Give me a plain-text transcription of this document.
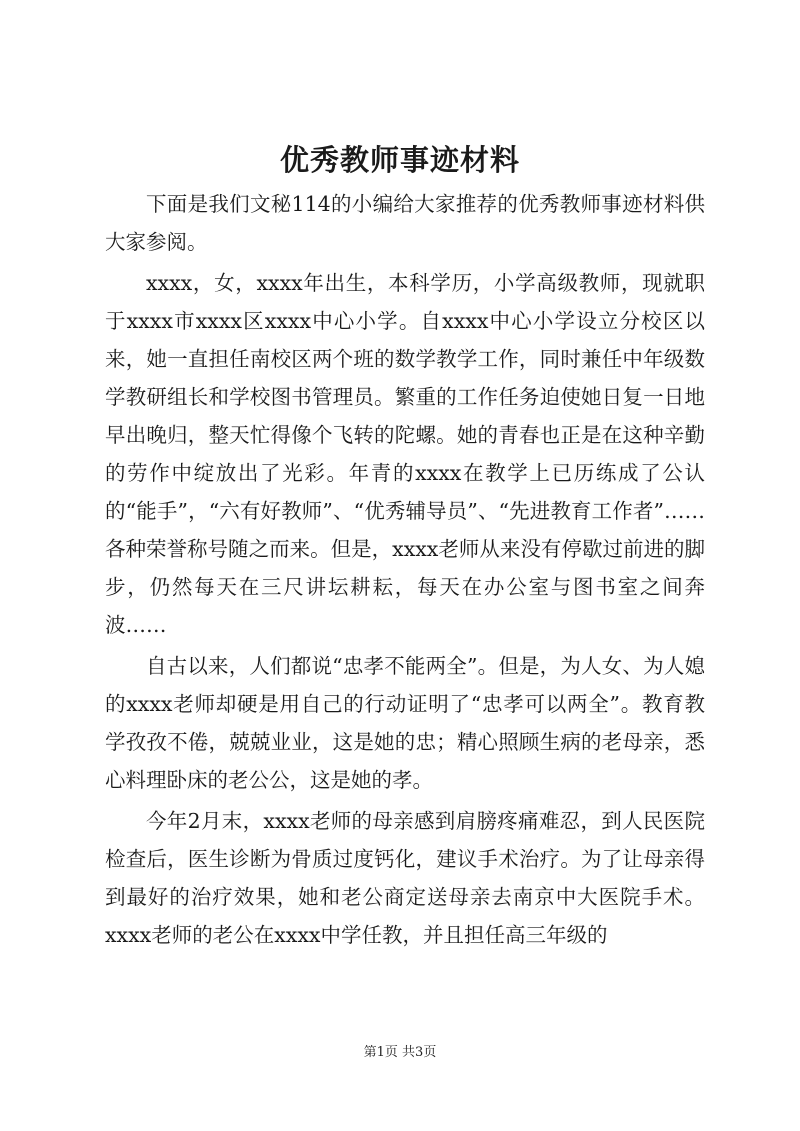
优秀教师事迹材料

下面是我们文秘114的小编给大家推荐的优秀教师事迹材料供大家参阅。

xxxx，女，xxxx年出生，本科学历，小学高级教师，现就职于xxxx市xxxx区xxxx中心小学。自xxxx中心小学设立分校区以来，她一直担任南校区两个班的数学教学工作，同时兼任中年级数学教研组长和学校图书管理员。繁重的工作任务迫使她日复一日地早出晚归，整天忙得像个飞转的陀螺。她的青春也正是在这种辛勤的劳作中绽放出了光彩。年青的xxxx在教学上已历练成了公认的“能手”，“六有好教师”、“优秀辅导员”、“先进教育工作者”……各种荣誉称号随之而来。但是，xxxx老师从来没有停歇过前进的脚步，仍然每天在三尺讲坛耕耘，每天在办公室与图书室之间奔波……

自古以来，人们都说“忠孝不能两全”。但是，为人女、为人媳的xxxx老师却硬是用自己的行动证明了“忠孝可以两全”。教育教学孜孜不倦，兢兢业业，这是她的忠；精心照顾生病的老母亲，悉心料理卧床的老公公，这是她的孝。

今年2月末，xxxx老师的母亲感到肩膀疼痛难忍，到人民医院检查后，医生诊断为骨质过度钙化，建议手术治疗。为了让母亲得到最好的治疗效果，她和老公商定送母亲去南京中大医院手术。xxxx老师的老公在xxxx中学任教，并且担任高三年级的

第1页 共3页
